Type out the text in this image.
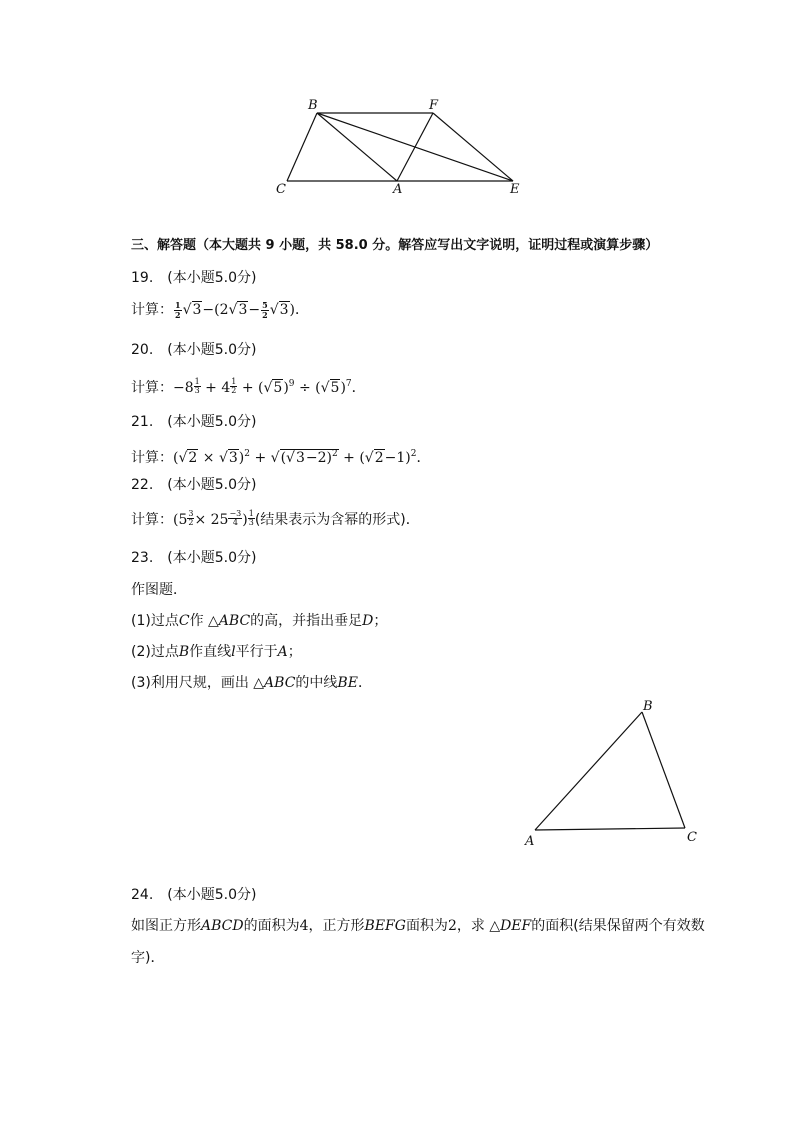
B	F
C	A	E
三、解答题（本大题共 9 小题，共 58.0 分。解答应写出文字说明，证明过程或演算步骤）
19.　(本小题5.0分)
计算： $\frac{1}{2} √3-(2√3- \frac{5}{2} √3)$．
20.　(本小题5.0分)
计算：−8 $^{\frac{1}{3}}$ + 4 $^{\frac{1}{2}} + (√5)^9 \div (√5)^7$．
21.　(本小题5.0分)
计算：$(√2 \times √3)^2 + √(√3-2)^2 + (√2-1)^2$．
22.　(本小题5.0分)
计算：(5 $^{\frac{3}{2}}$ × 25 $^{\frac{-3}{4}}$ ) $^{\frac{1}{3}}$ (结果表示为含幂的形式)．
23.　(本小题5.0分)
作图题．
(1)过点C作 △ABC的高，并指出垂足D；
(2)过点B作直线l平行于A；
(3)利用尺规，画出 △ABC的中线BE．
A
B
C
24.　(本小题5.0分)
如图正方形ABCD的面积为4，正方形BEFG面积为2，求 △DEF的面积(结果保留两个有效数
字)．
